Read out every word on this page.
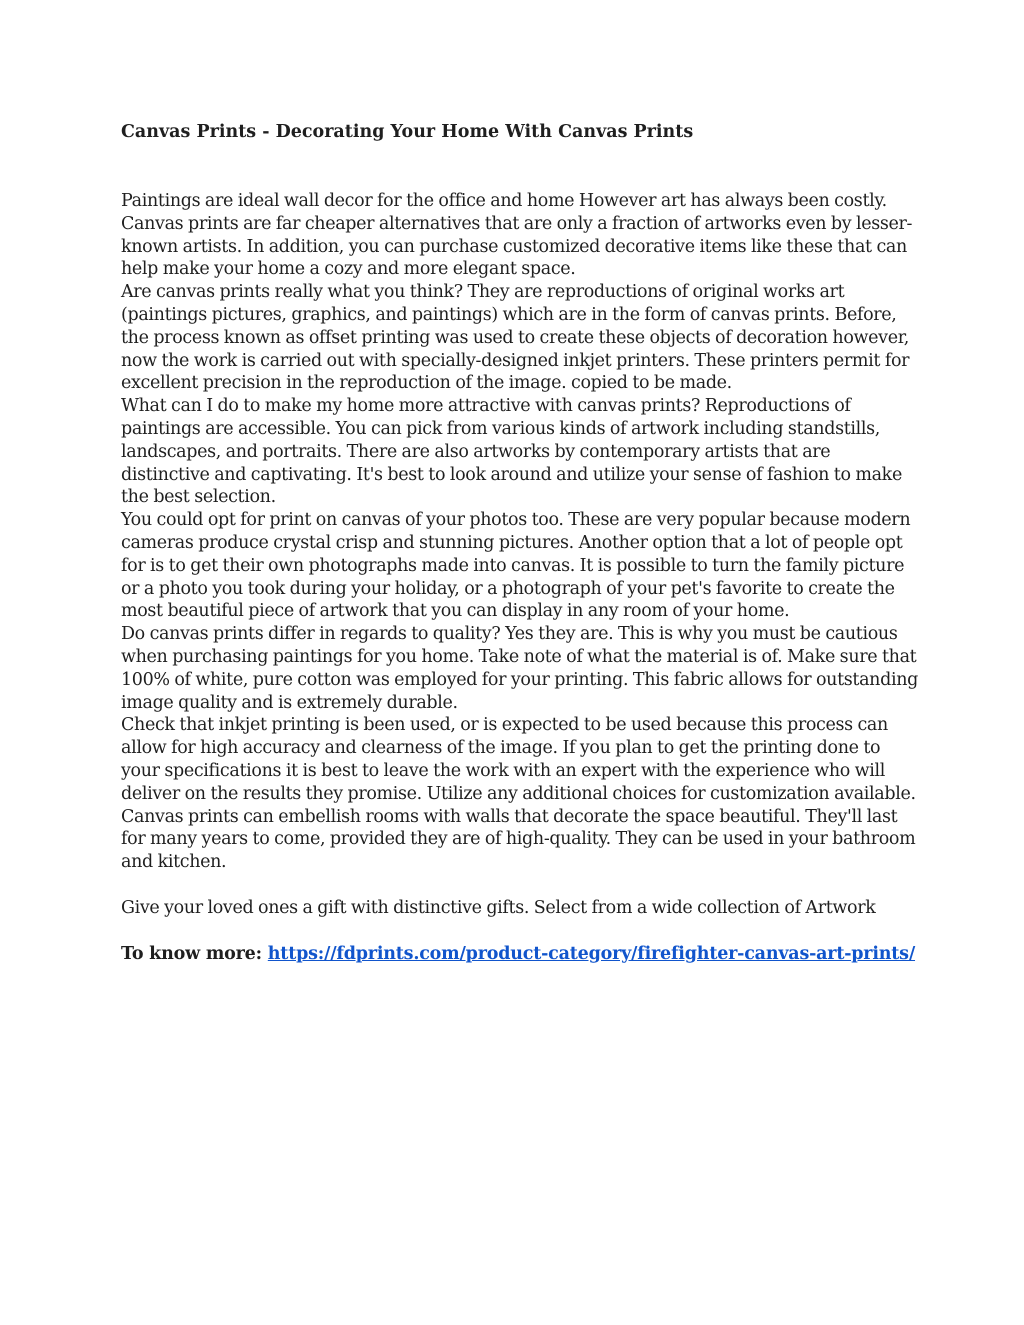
Canvas Prints - Decorating Your Home With Canvas Prints

Paintings are ideal wall decor for the office and home However art has always been costly. Canvas prints are far cheaper alternatives that are only a fraction of artworks even by lesser-known artists. In addition, you can purchase customized decorative items like these that can help make your home a cozy and more elegant space.

Are canvas prints really what you think? They are reproductions of original works art (paintings pictures, graphics, and paintings) which are in the form of canvas prints. Before, the process known as offset printing was used to create these objects of decoration however, now the work is carried out with specially-designed inkjet printers. These printers permit for excellent precision in the reproduction of the image. copied to be made.

What can I do to make my home more attractive with canvas prints? Reproductions of paintings are accessible. You can pick from various kinds of artwork including standstills, landscapes, and portraits. There are also artworks by contemporary artists that are distinctive and captivating. It's best to look around and utilize your sense of fashion to make the best selection.

You could opt for print on canvas of your photos too. These are very popular because modern cameras produce crystal crisp and stunning pictures. Another option that a lot of people opt for is to get their own photographs made into canvas. It is possible to turn the family picture or a photo you took during your holiday, or a photograph of your pet's favorite to create the most beautiful piece of artwork that you can display in any room of your home.

Do canvas prints differ in regards to quality? Yes they are. This is why you must be cautious when purchasing paintings for you home. Take note of what the material is of. Make sure that 100% of white, pure cotton was employed for your printing. This fabric allows for outstanding image quality and is extremely durable.

Check that inkjet printing is been used, or is expected to be used because this process can allow for high accuracy and clearness of the image. If you plan to get the printing done to your specifications it is best to leave the work with an expert with the experience who will deliver on the results they promise. Utilize any additional choices for customization available.

Canvas prints can embellish rooms with walls that decorate the space beautiful. They'll last for many years to come, provided they are of high-quality. They can be used in your bathroom and kitchen.

Give your loved ones a gift with distinctive gifts. Select from a wide collection of Artwork

To know more: https://fdprints.com/product-category/firefighter-canvas-art-prints/
